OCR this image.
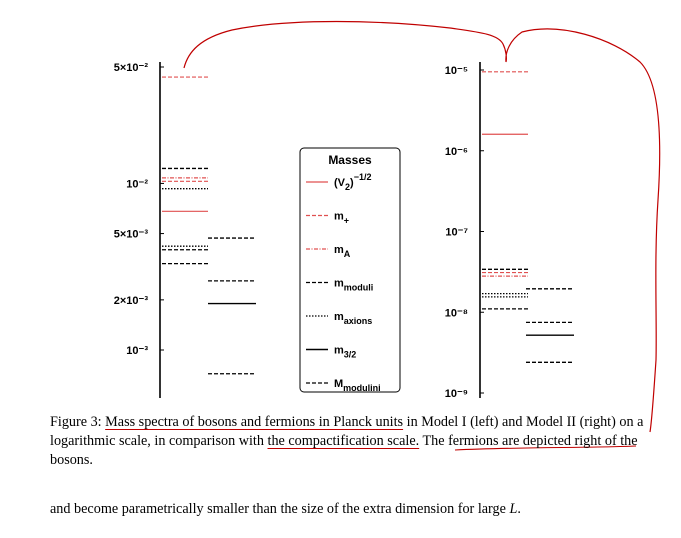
5×10⁻²
10⁻²
5×10⁻³
2×10⁻³
10⁻³
10⁻⁵
10⁻⁶
10⁻⁷
10⁻⁸
10⁻⁹
Masses
$(V_2)^{-1/2}$
$m_+$
$m_A$
$m_{moduli}$
$m_{axions}$
$m_{3/2}$
$M_{modulini}$

Figure 3: Mass spectra of bosons and fermions in Planck units in Model I (left) and Model II (right) on a logarithmic scale, in comparison with the compactification scale. The fermions are depicted right of the bosons.

and become parametrically smaller than the size of the extra dimension for large L.
